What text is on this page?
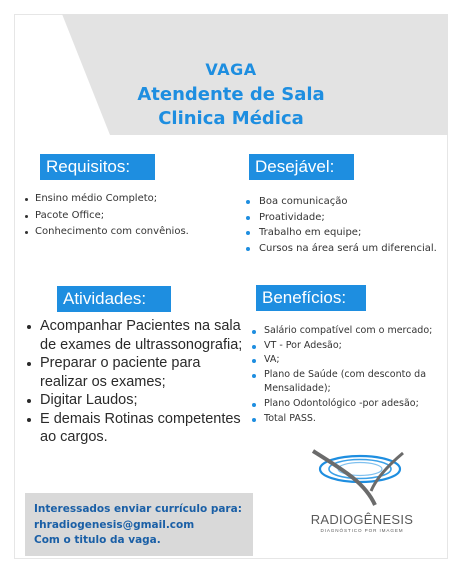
VAGA
Atendente de Sala
Clinica Médica
Requisitos:
Ensino médio Completo;
Pacote Office;
Conhecimento com convênios.
Desejável:
Boa comunicação
Proatividade;
Trabalho em equipe;
Cursos na área será um diferencial.
Atividades:
Acompanhar Pacientes na sala de exames de ultrassonografia;
Preparar o paciente para realizar os exames;
Digitar Laudos;
E demais Rotinas competentes ao cargos.
Benefícios:
Salário compatível com o mercado;
VT - Por Adesão;
VA;
Plano de Saúde (com desconto da Mensalidade);
Plano Odontológico -por adesão;
Total PASS.
Interessados enviar currículo para:
rhradiogenesis@gmail.com
Com o titulo da vaga.
RADIOGÊNESIS
DIAGNÓSTICO POR IMAGEM
